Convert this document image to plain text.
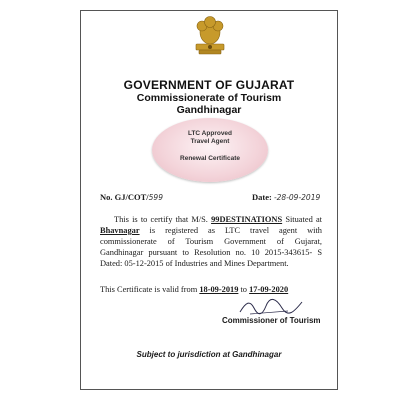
GOVERNMENT OF GUJARAT
Commissionerate of Tourism
Gandhinagar
LTC Approved
Travel Agent
Renewal Certificate
No. GJ/COT/599	Date: -28-09-2019
This is to certify that M/S. 99DESTINATIONS Situated at Bhavnagar is registered as LTC travel agent with commissionerate of Tourism Government of Gujarat, Gandhinagar pursuant to Resolution no. 10 2015-343615- S Dated: 05-12-2015 of Industries and Mines Department.
This Certificate is valid from 18-09-2019 to 17-09-2020
Commissioner of Tourism
Subject to jurisdiction at Gandhinagar
